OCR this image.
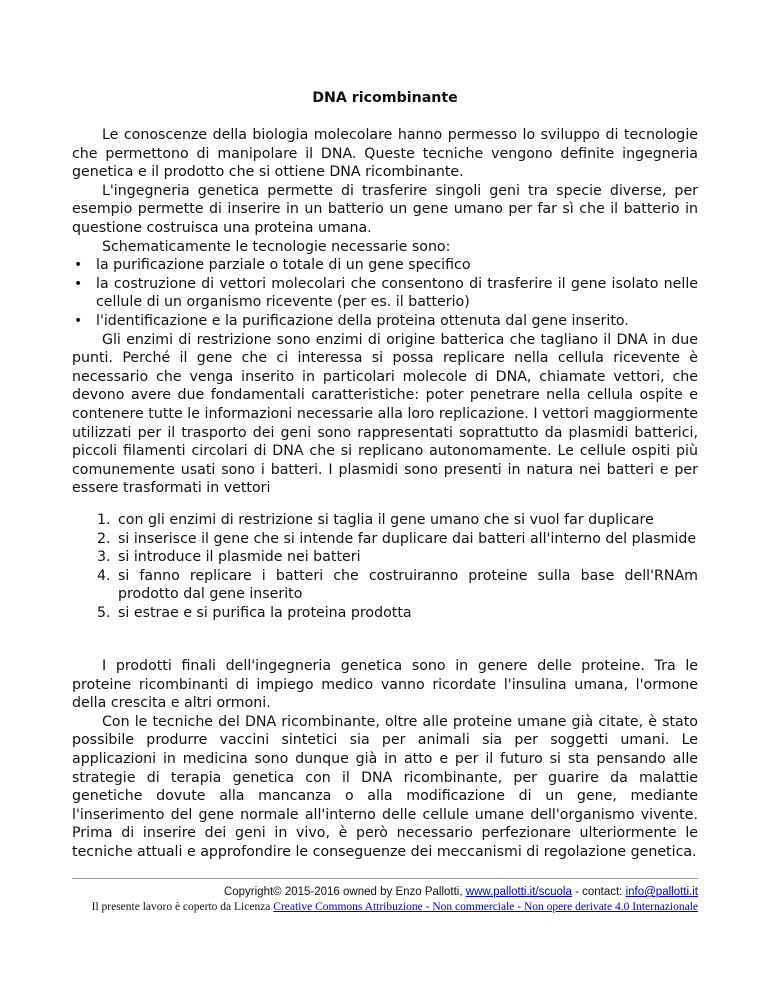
DNA ricombinante

Le conoscenze della biologia molecolare hanno permesso lo sviluppo di tecnologie che permettono di manipolare il DNA. Queste tecniche vengono definite ingegneria genetica e il prodotto che si ottiene DNA ricombinante.

L'ingegneria genetica permette di trasferire singoli geni tra specie diverse, per esempio permette di inserire in un batterio un gene umano per far sì che il batterio in questione costruisca una proteina umana.

Schematicamente le tecnologie necessarie sono:

• la purificazione parziale o totale di un gene specifico
• la costruzione di vettori molecolari che consentono di trasferire il gene isolato nelle cellule di un organismo ricevente (per es. il batterio)
• l'identificazione e la purificazione della proteina ottenuta dal gene inserito.

Gli enzimi di restrizione sono enzimi di origine batterica che tagliano il DNA in due punti. Perché il gene che ci interessa si possa replicare nella cellula ricevente è necessario che venga inserito in particolari molecole di DNA, chiamate vettori, che devono avere due fondamentali caratteristiche: poter penetrare nella cellula ospite e contenere tutte le informazioni necessarie alla loro replicazione. I vettori maggiormente utilizzati per il trasporto dei geni sono rappresentati soprattutto da plasmidi batterici, piccoli filamenti circolari di DNA che si replicano autonomamente. Le cellule ospiti più comunemente usati sono i batteri. I plasmidi sono presenti in natura nei batteri e per essere trasformati in vettori

1. con gli enzimi di restrizione si taglia il gene umano che si vuol far duplicare
2. si inserisce il gene che si intende far duplicare dai batteri all'interno del plasmide
3. si introduce il plasmide nei batteri
4. si fanno replicare i batteri che costruiranno proteine sulla base dell'RNAm prodotto dal gene inserito
5. si estrae e si purifica la proteina prodotta

I prodotti finali dell'ingegneria genetica sono in genere delle proteine. Tra le proteine ricombinanti di impiego medico vanno ricordate l'insulina umana, l'ormone della crescita e altri ormoni.

Con le tecniche del DNA ricombinante, oltre alle proteine umane già citate, è stato possibile produrre vaccini sintetici sia per animali sia per soggetti umani. Le applicazioni in medicina sono dunque già in atto e per il futuro si sta pensando alle strategie di terapia genetica con il DNA ricombinante, per guarire da malattie genetiche dovute alla mancanza o alla modificazione di un gene, mediante l'inserimento del gene normale all'interno delle cellule umane dell'organismo vivente. Prima di inserire dei geni in vivo, è però necessario perfezionare ulteriormente le tecniche attuali e approfondire le conseguenze dei meccanismi di regolazione genetica.

Copyright© 2015-2016 owned by Enzo Pallotti, www.pallotti.it/scuola - contact: info@pallotti.it
Il presente lavoro è coperto da Licenza Creative Commons Attribuzione - Non commerciale - Non opere derivate 4.0 Internazionale
